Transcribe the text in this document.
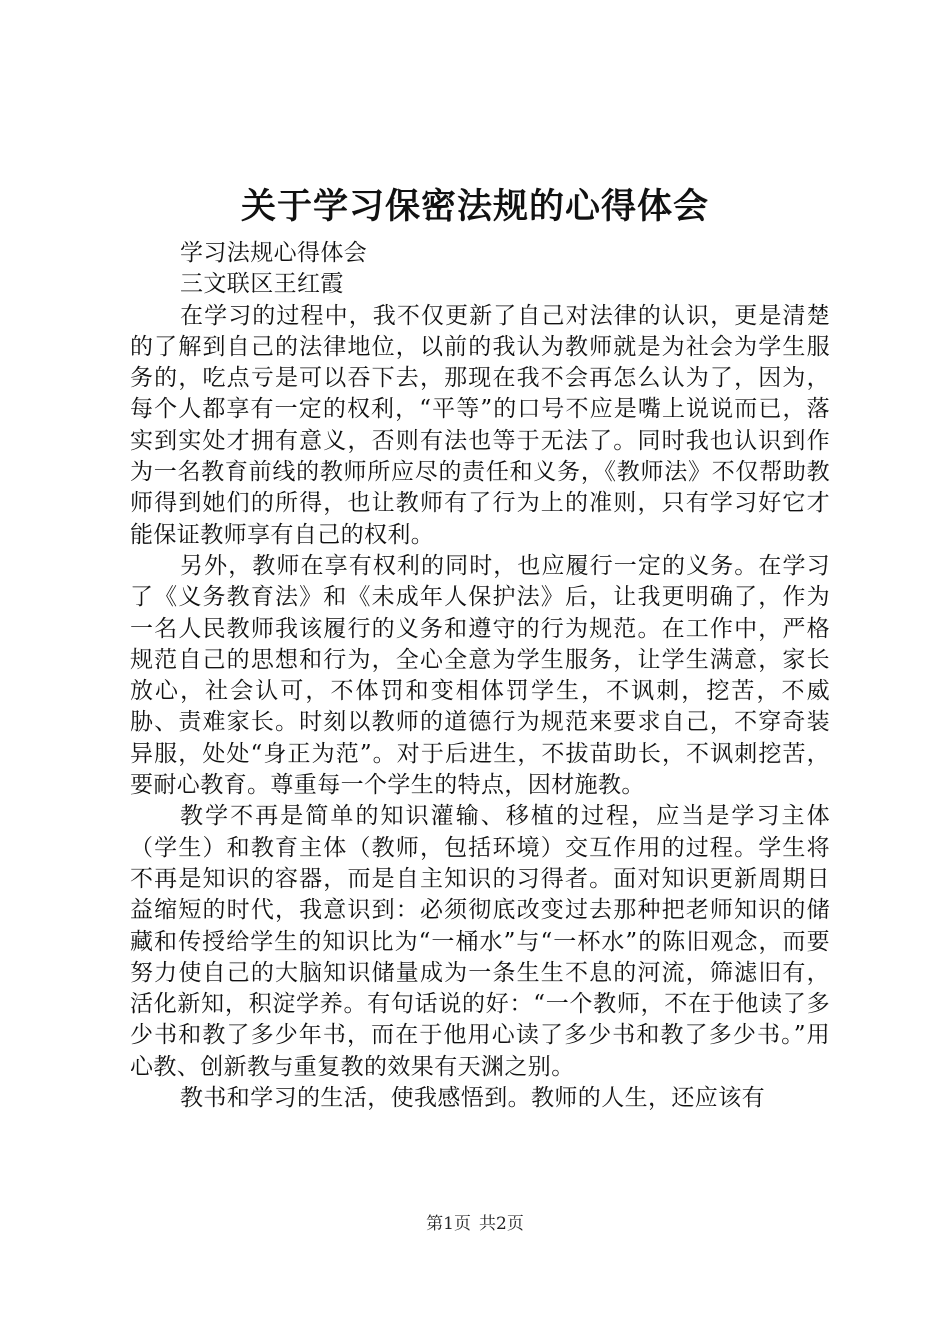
关于学习保密法规的心得体会

学习法规心得体会

三文联区王红霞

在学习的过程中，我不仅更新了自己对法律的认识，更是清楚的了解到自己的法律地位，以前的我认为教师就是为社会为学生服务的，吃点亏是可以吞下去，那现在我不会再怎么认为了，因为，每个人都享有一定的权利，“平等”的口号不应是嘴上说说而已，落实到实处才拥有意义，否则有法也等于无法了。同时我也认识到作为一名教育前线的教师所应尽的责任和义务，《教师法》不仅帮助教师得到她们的所得，也让教师有了行为上的准则，只有学习好它才能保证教师享有自己的权利。

另外，教师在享有权利的同时，也应履行一定的义务。在学习了《义务教育法》和《未成年人保护法》后，让我更明确了，作为一名人民教师我该履行的义务和遵守的行为规范。在工作中，严格规范自己的思想和行为，全心全意为学生服务，让学生满意，家长放心，社会认可，不体罚和变相体罚学生，不讽刺，挖苦，不威胁、责难家长。时刻以教师的道德行为规范来要求自己，不穿奇装异服，处处“身正为范”。对于后进生，不拔苗助长，不讽刺挖苦，要耐心教育。尊重每一个学生的特点，因材施教。

教学不再是简单的知识灌输、移植的过程，应当是学习主体（学生）和教育主体（教师，包括环境）交互作用的过程。学生将不再是知识的容器，而是自主知识的习得者。面对知识更新周期日益缩短的时代，我意识到：必须彻底改变过去那种把老师知识的储藏和传授给学生的知识比为“一桶水”与“一杯水”的陈旧观念，而要努力使自己的大脑知识储量成为一条生生不息的河流，筛滤旧有，活化新知，积淀学养。有句话说的好：“一个教师，不在于他读了多少书和教了多少年书，而在于他用心读了多少书和教了多少书。”用心教、创新教与重复教的效果有天渊之别。

教书和学习的生活，使我感悟到。教师的人生，还应该有

第1页 共2页
